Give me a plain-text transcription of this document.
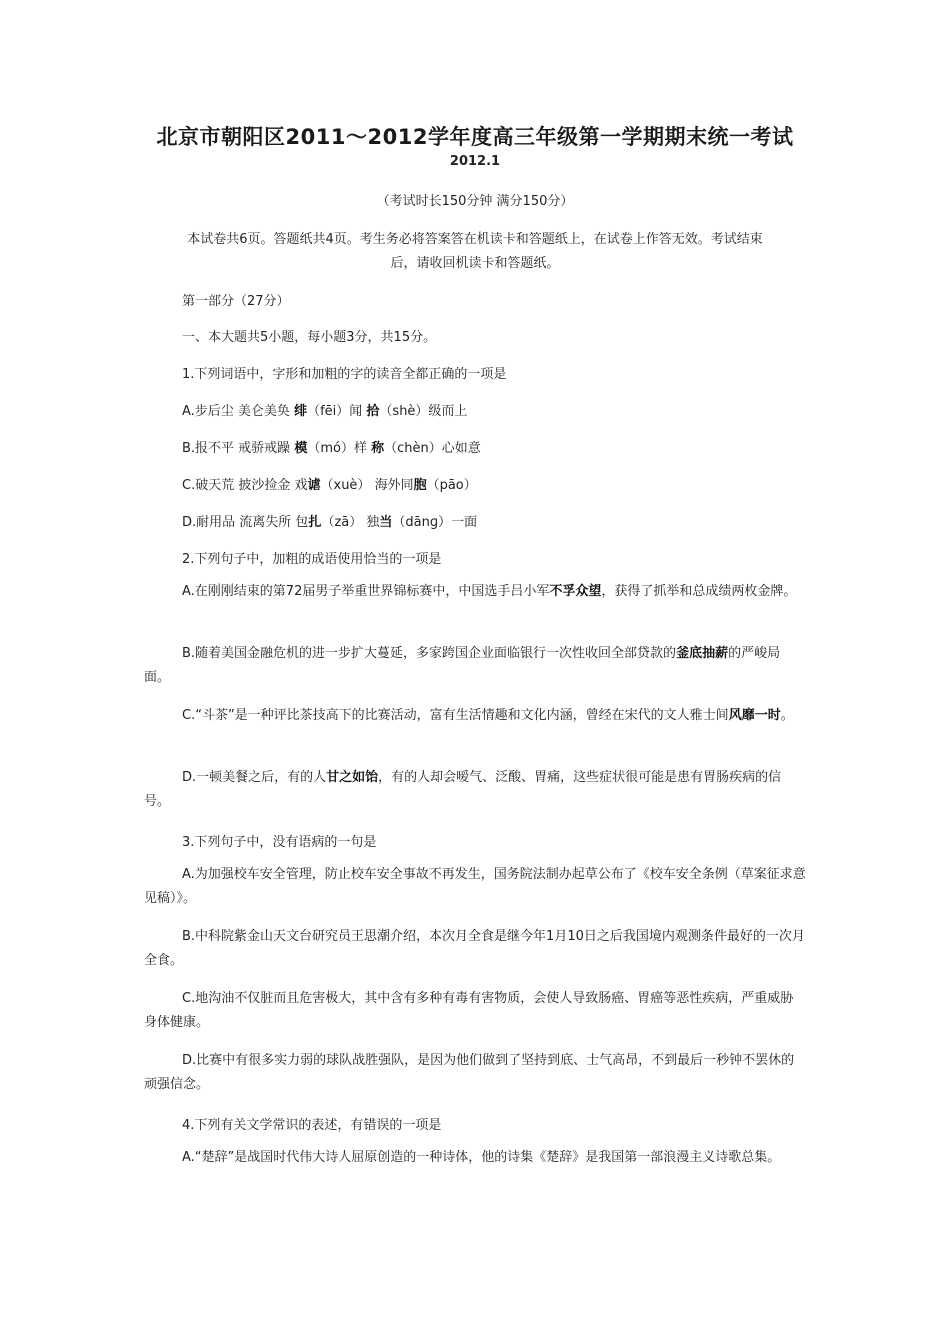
北京市朝阳区2011～2012学年度高三年级第一学期期末统一考试
2012.1
（考试时长150分钟 满分150分）
本试卷共6页。答题纸共4页。考生务必将答案答在机读卡和答题纸上，在试卷上作答无效。考试结束
后，请收回机读卡和答题纸。
第一部分（27分）
一、本大题共5小题，每小题3分，共15分。
1.下列词语中，字形和加粗的字的读音全都正确的一项是
A.步后尘 美仑美奂 绯（fēi）闻 拾（shè）级而上
B.报不平 戒骄戒躁 模（mó）样 称（chèn）心如意
C.破天荒 披沙捡金 戏谑（xuè） 海外同胞（pāo）
D.耐用品 流离失所 包扎（zā） 独当（dānɡ）一面
2.下列句子中，加粗的成语使用恰当的一项是
A.在刚刚结束的第72届男子举重世界锦标赛中，中国选手吕小军不孚众望，获得了抓举和总成绩两枚金牌。
B.随着美国金融危机的进一步扩大蔓延，多家跨国企业面临银行一次性收回全部贷款的釜底抽薪的严峻局面。
C.“斗茶”是一种评比茶技高下的比赛活动，富有生活情趣和文化内涵，曾经在宋代的文人雅士间风靡一时。
D.一顿美餐之后，有的人甘之如饴，有的人却会嗳气、泛酸、胃痛，这些症状很可能是患有胃肠疾病的信号。
3.下列句子中，没有语病的一句是
A.为加强校车安全管理，防止校车安全事故不再发生，国务院法制办起草公布了《校车安全条例（草案征求意见稿）》。
B.中科院紫金山天文台研究员王思潮介绍，本次月全食是继今年1月10日之后我国境内观测条件最好的一次月全食。
C.地沟油不仅脏而且危害极大，其中含有多种有毒有害物质，会使人导致肠癌、胃癌等恶性疾病，严重威胁身体健康。
D.比赛中有很多实力弱的球队战胜强队，是因为他们做到了坚持到底、士气高昂，不到最后一秒钟不罢休的顽强信念。
4.下列有关文学常识的表述，有错误的一项是
A.“楚辞”是战国时代伟大诗人屈原创造的一种诗体，他的诗集《楚辞》是我国第一部浪漫主义诗歌总集。
